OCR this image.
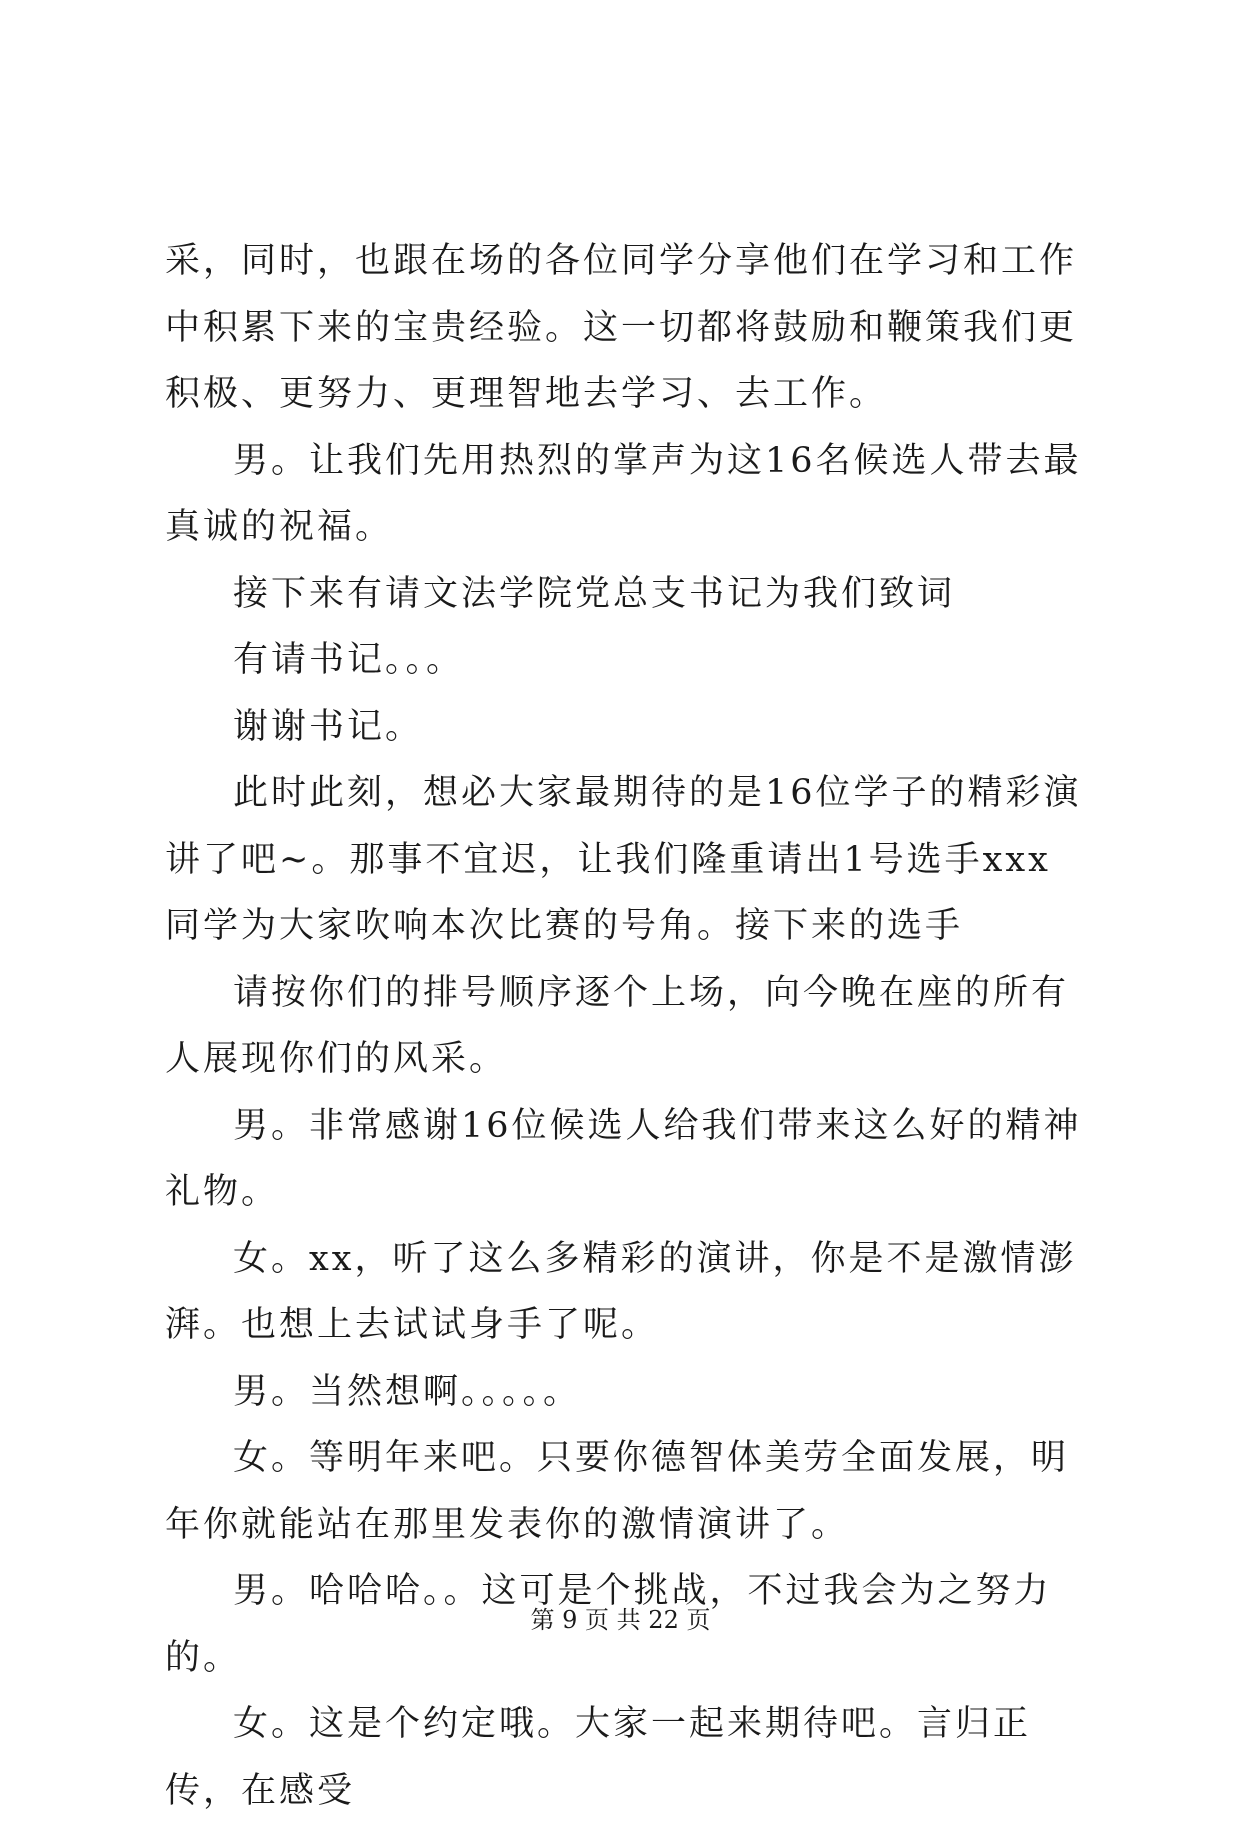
采，同时，也跟在场的各位同学分享他们在学习和工作中积累下来的宝贵经验。这一切都将鼓励和鞭策我们更积极、更努力、更理智地去学习、去工作。

男。让我们先用热烈的掌声为这16名候选人带去最真诚的祝福。

接下来有请文法学院党总支书记为我们致词

有请书记。。。

谢谢书记。

此时此刻，想必大家最期待的是16位学子的精彩演讲了吧~。那事不宜迟，让我们隆重请出1号选手xxx同学为大家吹响本次比赛的号角。接下来的选手

请按你们的排号顺序逐个上场，向今晚在座的所有人展现你们的风采。

男。非常感谢16位候选人给我们带来这么好的精神礼物。

女。xx，听了这么多精彩的演讲，你是不是激情澎湃。也想上去试试身手了呢。

男。当然想啊。。。。。

女。等明年来吧。只要你德智体美劳全面发展，明年你就能站在那里发表你的激情演讲了。

男。哈哈哈。。这可是个挑战，不过我会为之努力的。

女。这是个约定哦。大家一起来期待吧。言归正传，在感受

第 9 页 共 22 页
